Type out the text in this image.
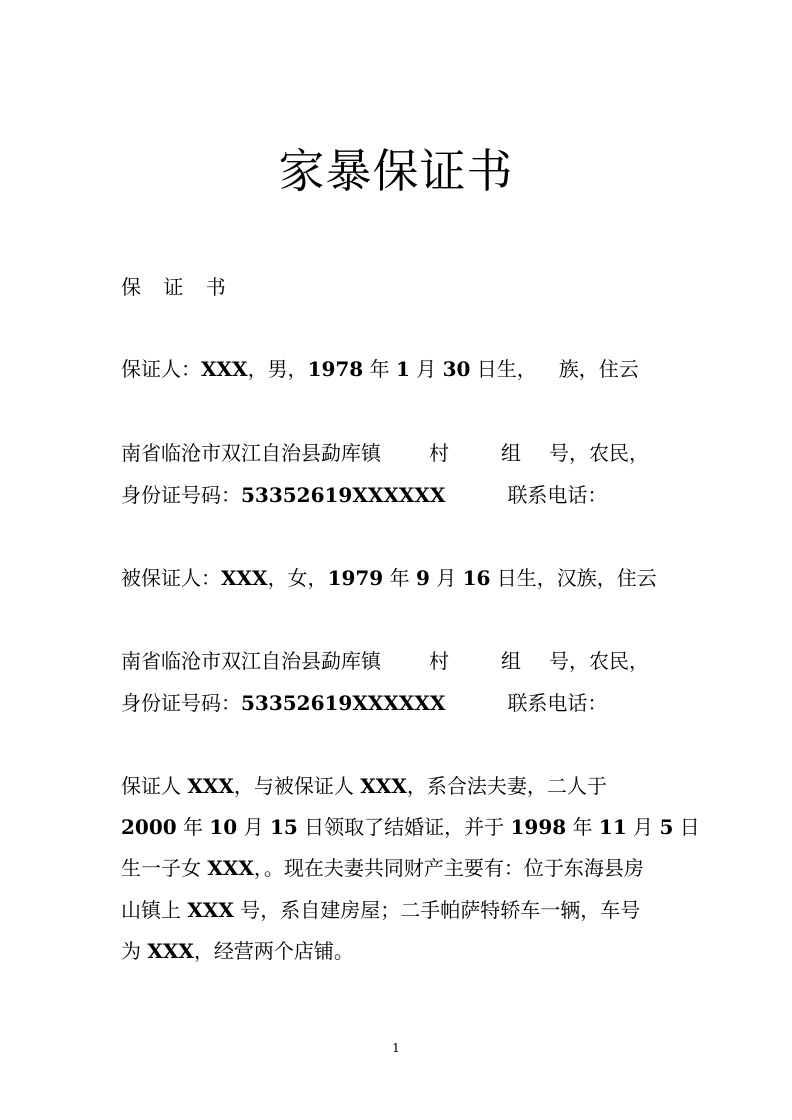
家暴保证书
保 证 书
保证人：XXX，男，1978 年 1 月 30 日生， 族，住云
南省临沧市双江自治县勐库镇 村	组 号，农民，
身份证号码：53352619XXXXXX	联系电话：
被保证人：XXX，女，1979 年 9 月 16 日生，汉族，住云
南省临沧市双江自治县勐库镇 村	组 号，农民，
身份证号码：53352619XXXXXX	联系电话：
保证人 XXX，与被保证人 XXX，系合法夫妻，二人于
2000 年 10 月 15 日领取了结婚证，并于 1998 年 11 月 5 日
生一子女 XXX，。现在夫妻共同财产主要有：位于东海县房
山镇上 XXX 号，系自建房屋；二手帕萨特轿车一辆，车号
为 XXX，经营两个店铺。
1
